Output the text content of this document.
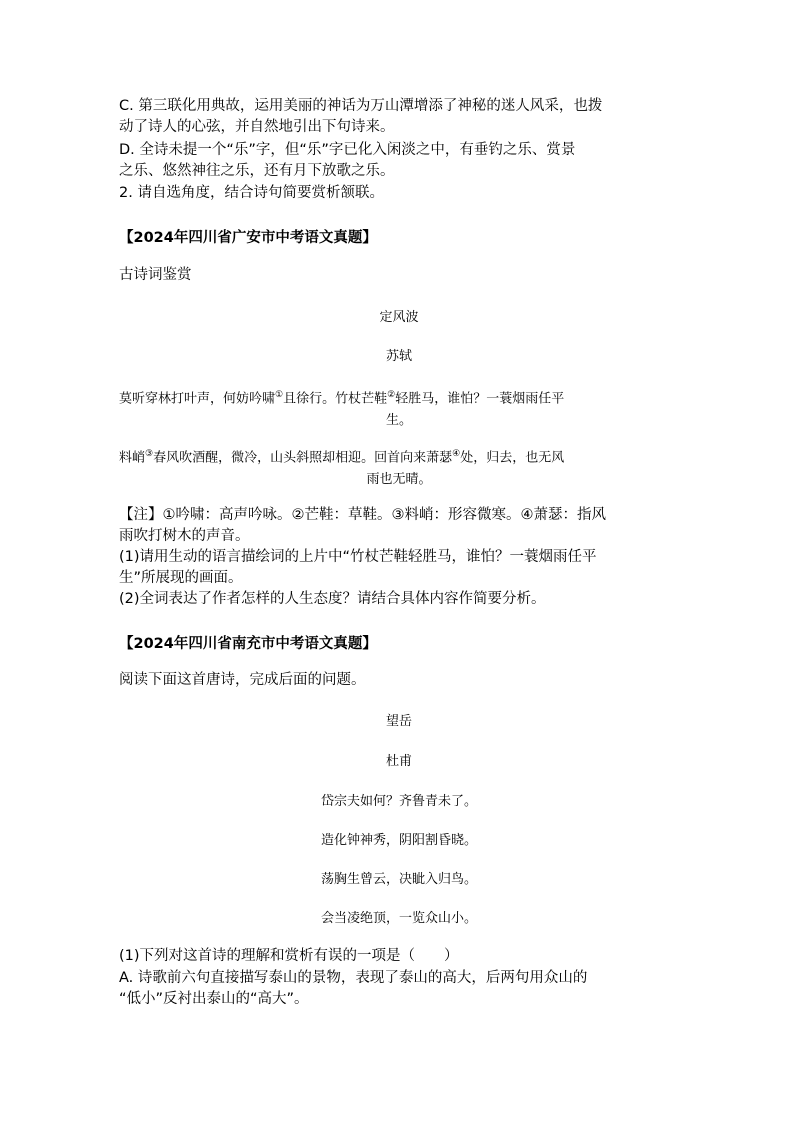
C. 第三联化用典故，运用美丽的神话为万山潭增添了神秘的迷人风采，也拨
动了诗人的心弦，并自然地引出下句诗来。

D. 全诗未提一个“乐”字，但“乐”字已化入闲淡之中，有垂钓之乐、赏景
之乐、悠然神往之乐，还有月下放歌之乐。

2. 请自选角度，结合诗句简要赏析颔联。

【2024年四川省广安市中考语文真题】

古诗词鉴赏

定风波

苏轼

莫听穿林打叶声，何妨吟啸①且徐行。竹杖芒鞋②轻胜马，谁怕？一蓑烟雨任平

生。

料峭③春风吹酒醒，微冷，山头斜照却相迎。回首向来萧瑟④处，归去，也无风

雨也无晴。

【注】①吟啸：高声吟咏。②芒鞋：草鞋。③料峭：形容微寒。④萧瑟：指风
雨吹打树木的声音。

(1)请用生动的语言描绘词的上片中“竹杖芒鞋轻胜马，谁怕？一蓑烟雨任平
生”所展现的画面。

(2)全词表达了作者怎样的人生态度？请结合具体内容作简要分析。

【2024年四川省南充市中考语文真题】

阅读下面这首唐诗，完成后面的问题。

望岳

杜甫

岱宗夫如何？齐鲁青未了。

造化钟神秀，阴阳割昏晓。

荡胸生曾云，决眦入归鸟。

会当凌绝顶，一览众山小。

(1)下列对这首诗的理解和赏析有误的一项是（　　）

A. 诗歌前六句直接描写泰山的景物，表现了泰山的高大，后两句用众山的
“低小”反衬出泰山的“高大”。
